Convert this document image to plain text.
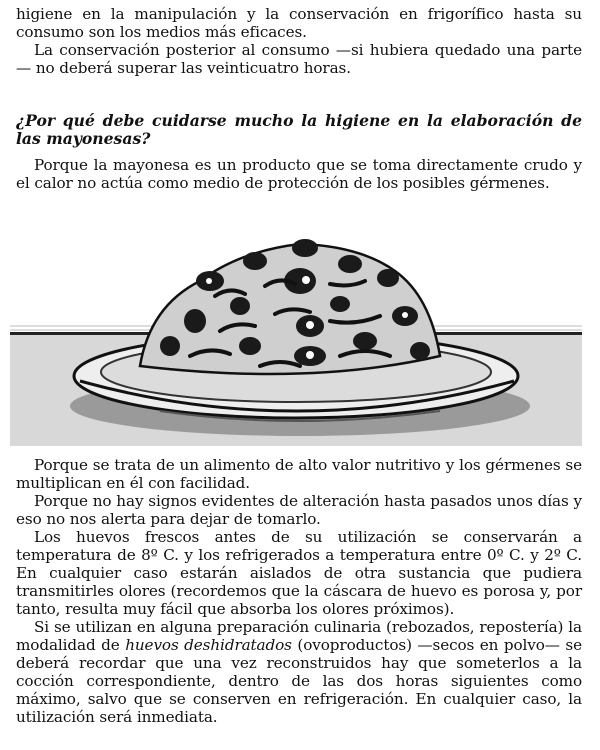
higiene en la manipulación y la conservación en frigorífico hasta su consumo son los medios más eficaces.

La conservación posterior al consumo —si hubiera quedado una parte— no deberá superar las veinticuatro horas.

¿Por qué debe cuidarse mucho la higiene en la elaboración de las mayonesas?

Porque la mayonesa es un producto que se toma directamente crudo y el calor no actúa como medio de protección de los posibles gérmenes.

Porque se trata de un alimento de alto valor nutritivo y los gérmenes se multiplican en él con facilidad.

Porque no hay signos evidentes de alteración hasta pasados unos días y eso no nos alerta para dejar de tomarlo.

Los huevos frescos antes de su utilización se conservarán a temperatura de 8º C. y los refrigerados a temperatura entre 0º C. y 2º C. En cualquier caso estarán aislados de otra sustancia que pudiera transmitirles olores (recordemos que la cáscara de huevo es porosa y, por tanto, resulta muy fácil que absorba los olores próximos).

Si se utilizan en alguna preparación culinaria (rebozados, repostería) la modalidad de huevos deshidratados (ovoproductos) —secos en polvo— se deberá recordar que una vez reconstruidos hay que someterlos a la cocción correspondiente, dentro de las dos horas siguientes como máximo, salvo que se conserven en refrigeración. En cualquier caso, la utilización será inmediata.
